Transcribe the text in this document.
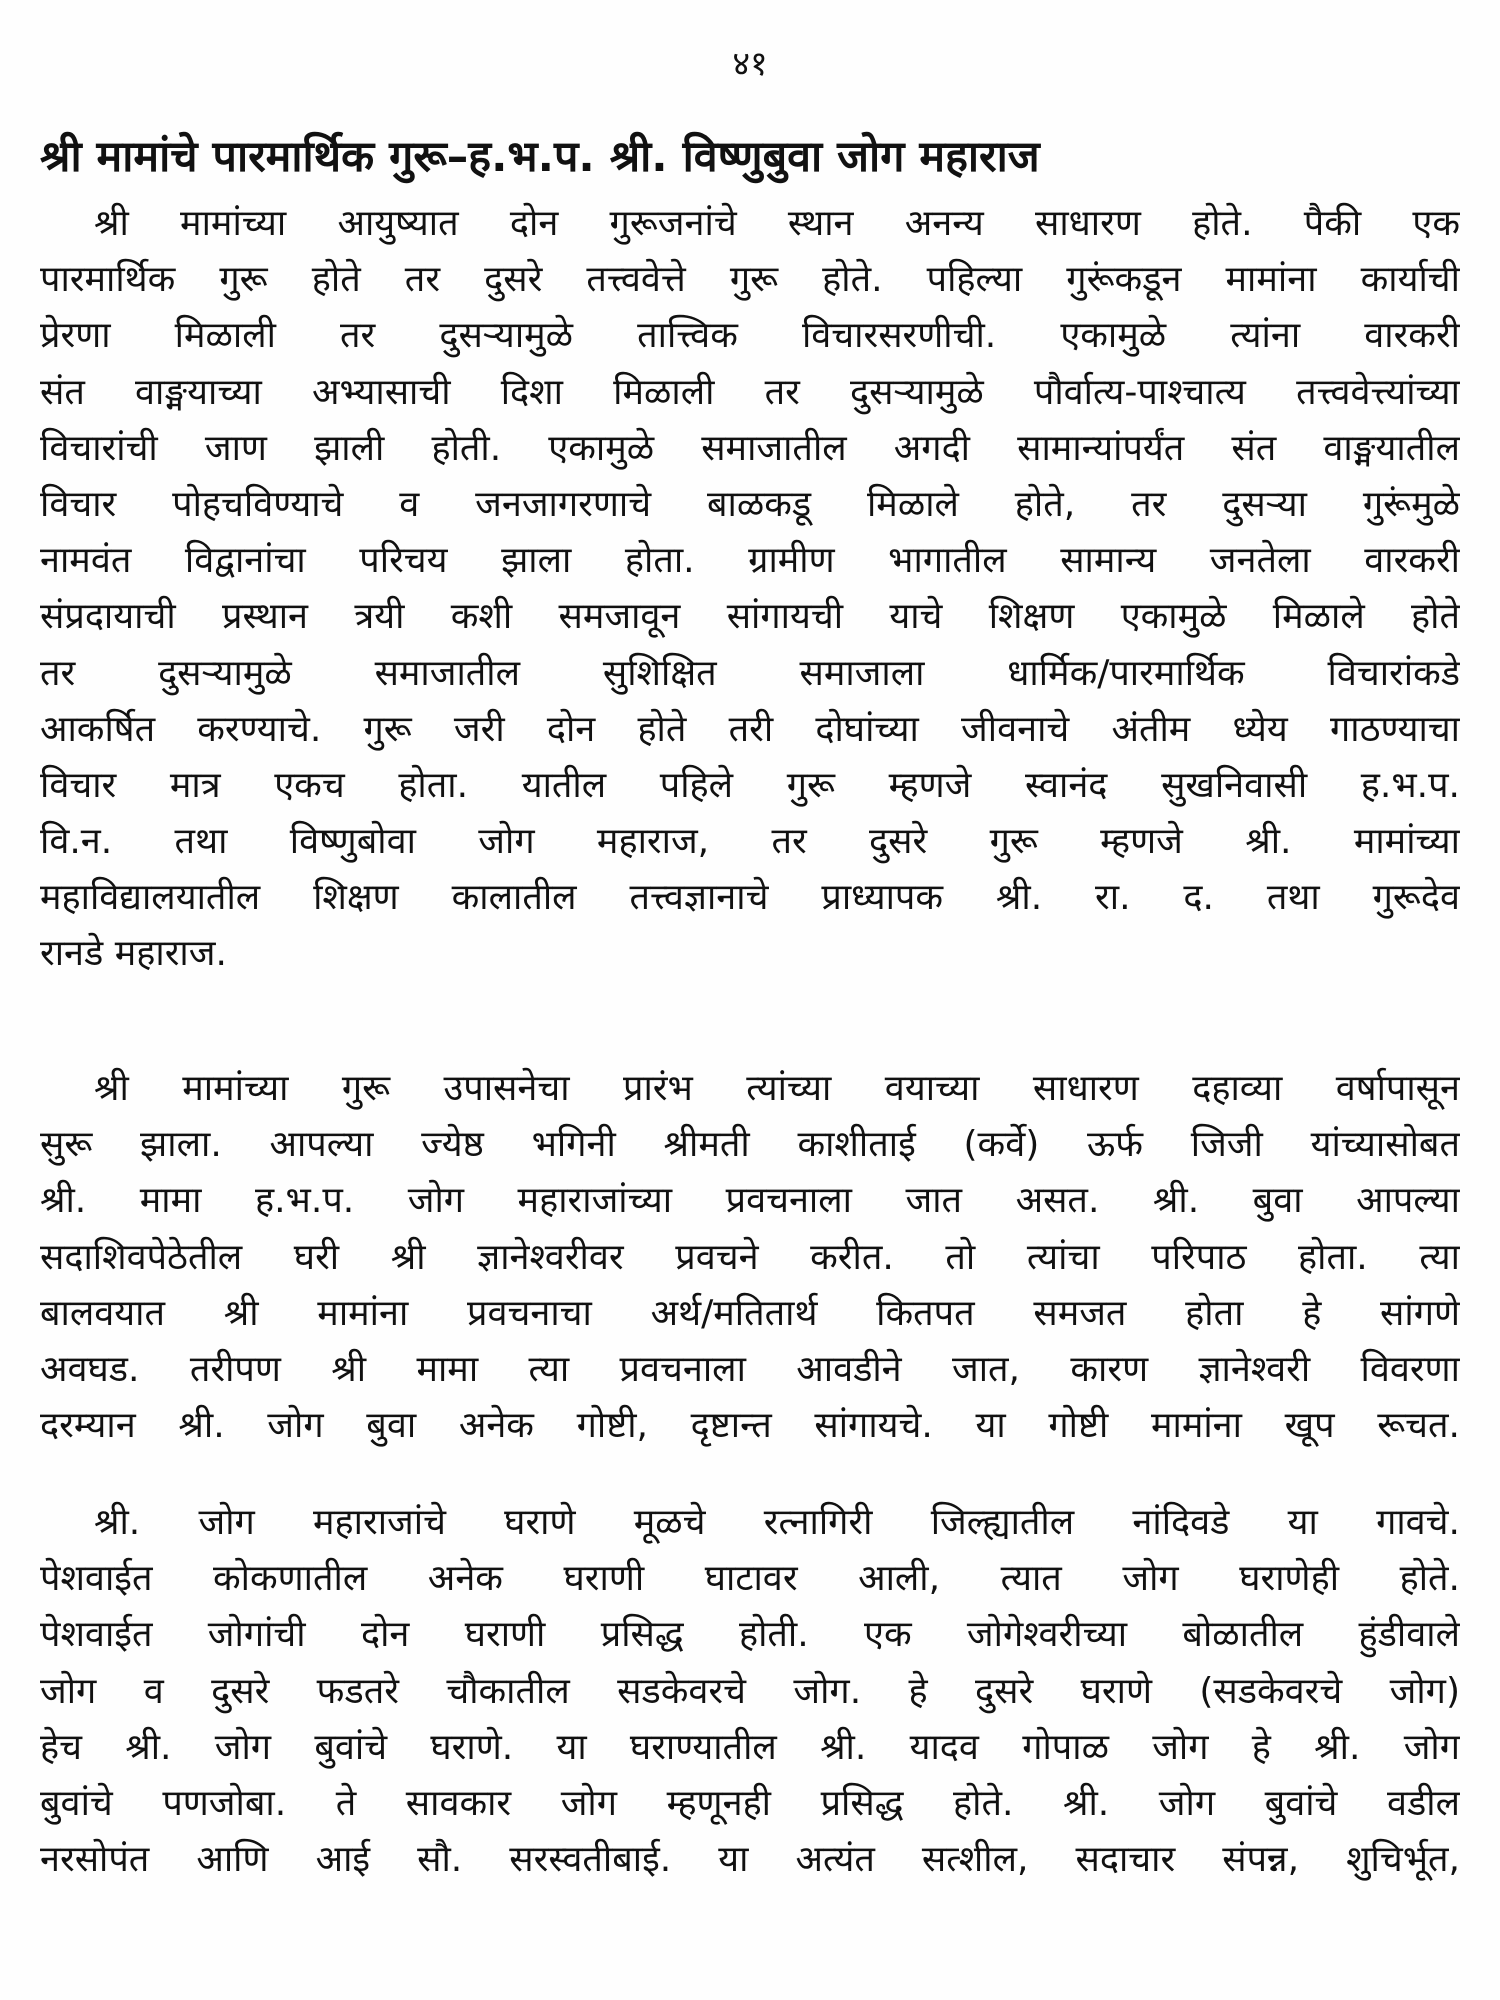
४१
श्री मामांचे पारमार्थिक गुरू–ह.भ.प. श्री. विष्णुबुवा जोग महाराज
श्री मामांच्या आयुष्यात दोन गुरूजनांचे स्थान अनन्य साधारण होते. पैकी एक
पारमार्थिक गुरू होते तर दुसरे तत्त्ववेत्ते गुरू होते. पहिल्या गुरूंकडून मामांना कार्याची
प्रेरणा मिळाली तर दुसऱ्यामुळे तात्त्विक विचारसरणीची. एकामुळे त्यांना वारकरी
संत वाङ्मयाच्या अभ्यासाची दिशा मिळाली तर दुसऱ्यामुळे पौर्वात्य-पाश्चात्य तत्त्ववेत्त्यांच्या
विचारांची जाण झाली होती. एकामुळे समाजातील अगदी सामान्यांपर्यंत संत वाङ्मयातील
विचार पोहचविण्याचे व जनजागरणाचे बाळकडू मिळाले होते, तर दुसऱ्या गुरूंमुळे
नामवंत विद्वानांचा परिचय झाला होता. ग्रामीण भागातील सामान्य जनतेला वारकरी
संप्रदायाची प्रस्थान त्रयी कशी समजावून सांगायची याचे शिक्षण एकामुळे मिळाले होते
तर दुसऱ्यामुळे समाजातील सुशिक्षित समाजाला धार्मिक/पारमार्थिक विचारांकडे
आकर्षित करण्याचे. गुरू जरी दोन होते तरी दोघांच्या जीवनाचे अंतीम ध्येय गाठण्याचा
विचार मात्र एकच होता. यातील पहिले गुरू म्हणजे स्वानंद सुखनिवासी ह.भ.प.
वि.न. तथा विष्णुबोवा जोग महाराज, तर दुसरे गुरू म्हणजे श्री. मामांच्या
महाविद्यालयातील शिक्षण कालातील तत्त्वज्ञानाचे प्राध्यापक श्री. रा. द. तथा गुरूदेव
रानडे महाराज.
श्री मामांच्या गुरू उपासनेचा प्रारंभ त्यांच्या वयाच्या साधारण दहाव्या वर्षापासून
सुरू झाला. आपल्या ज्येष्ठ भगिनी श्रीमती काशीताई (कर्वे) ऊर्फ जिजी यांच्यासोबत
श्री. मामा ह.भ.प. जोग महाराजांच्या प्रवचनाला जात असत. श्री. बुवा आपल्या
सदाशिवपेठेतील घरी श्री ज्ञानेश्वरीवर प्रवचने करीत. तो त्यांचा परिपाठ होता. त्या
बालवयात श्री मामांना प्रवचनाचा अर्थ/मतितार्थ कितपत समजत होता हे सांगणे
अवघड. तरीपण श्री मामा त्या प्रवचनाला आवडीने जात, कारण ज्ञानेश्वरी विवरणा
दरम्यान श्री. जोग बुवा अनेक गोष्टी, दृष्टान्त सांगायचे. या गोष्टी मामांना खूप रूचत.
श्री. जोग महाराजांचे घराणे मूळचे रत्नागिरी जिल्ह्यातील नांदिवडे या गावचे.
पेशवाईत कोकणातील अनेक घराणी घाटावर आली, त्यात जोग घराणेही होते.
पेशवाईत जोगांची दोन घराणी प्रसिद्ध होती. एक जोगेश्वरीच्या बोळातील हुंडीवाले
जोग व दुसरे फडतरे चौकातील सडकेवरचे जोग. हे दुसरे घराणे (सडकेवरचे जोग)
हेच श्री. जोग बुवांचे घराणे. या घराण्यातील श्री. यादव गोपाळ जोग हे श्री. जोग
बुवांचे पणजोबा. ते सावकार जोग म्हणूनही प्रसिद्ध होते. श्री. जोग बुवांचे वडील
नरसोपंत आणि आई सौ. सरस्वतीबाई. या अत्यंत सत्शील, सदाचार संपन्न, शुचिर्भूत,
